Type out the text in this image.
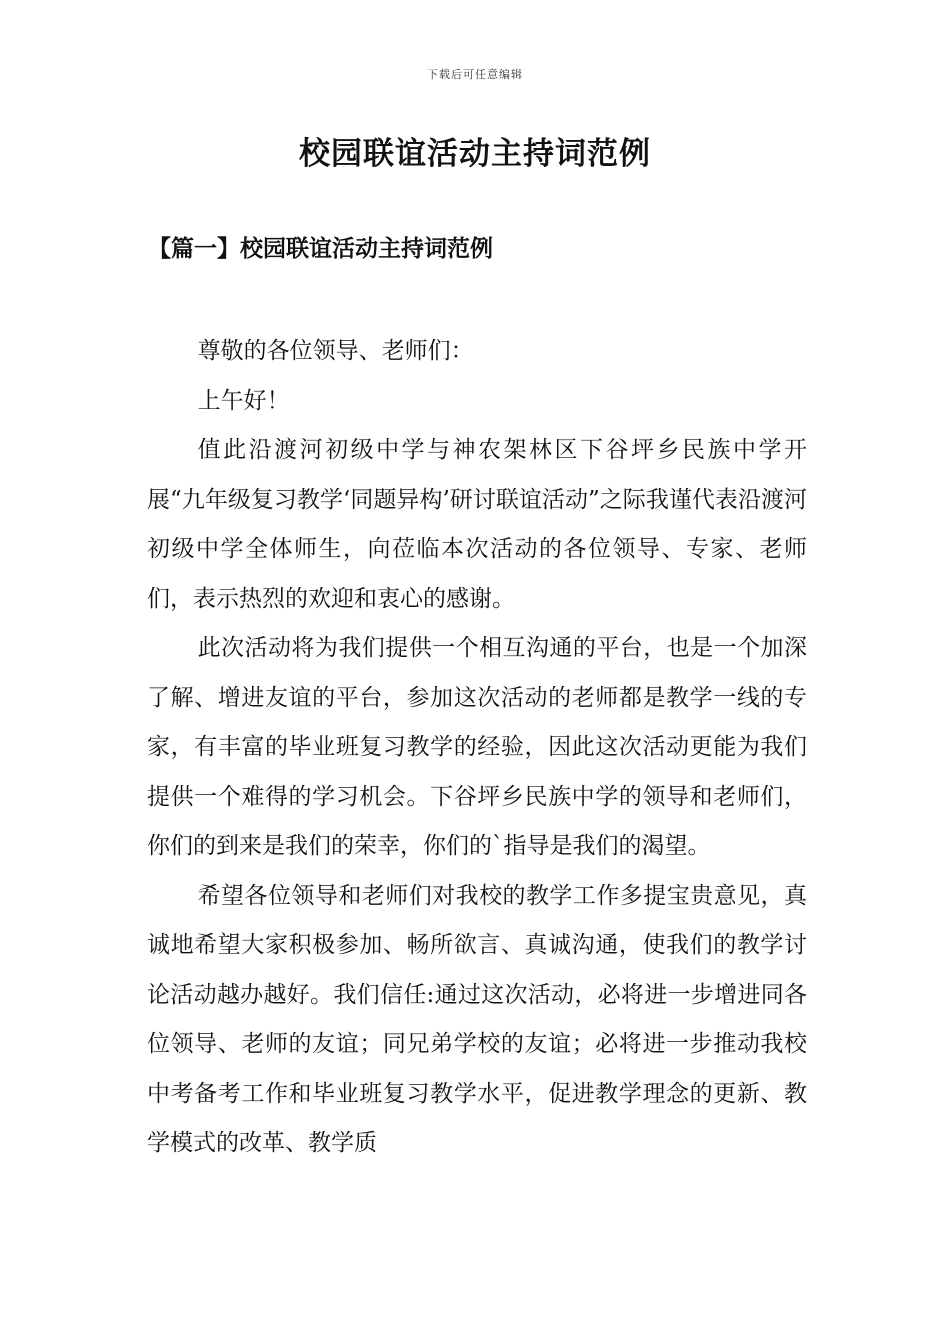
下载后可任意编辑
校园联谊活动主持词范例
【篇一】校园联谊活动主持词范例

尊敬的各位领导、老师们：

上午好！

值此沿渡河初级中学与神农架林区下谷坪乡民族中学开展“九年级复习教学‘同题异构’研讨联谊活动”之际我谨代表沿渡河初级中学全体师生，向莅临本次活动的各位领导、专家、老师们，表示热烈的欢迎和衷心的感谢。

此次活动将为我们提供一个相互沟通的平台，也是一个加深了解、增进友谊的平台，参加这次活动的老师都是教学一线的专家，有丰富的毕业班复习教学的经验，因此这次活动更能为我们提供一个难得的学习机会。下谷坪乡民族中学的领导和老师们，你们的到来是我们的荣幸，你们的`指导是我们的渴望。

希望各位领导和老师们对我校的教学工作多提宝贵意见，真诚地希望大家积极参加、畅所欲言、真诚沟通，使我们的教学讨论活动越办越好。我们信任:通过这次活动，必将进一步增进同各位领导、老师的友谊；同兄弟学校的友谊；必将进一步推动我校中考备考工作和毕业班复习教学水平，促进教学理念的更新、教学模式的改革、教学质
